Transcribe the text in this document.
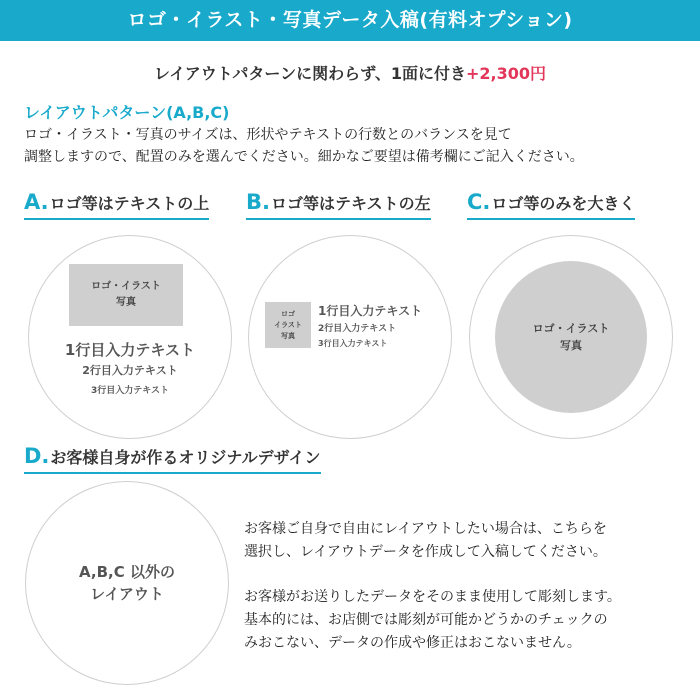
ロゴ・イラスト・写真データ入稿(有料オプション)
レイアウトパターンに関わらず、1面に付き+2,300円
レイアウトパターン(A,B,C)

ロゴ・イラスト・写真のサイズは、形状やテキストの行数とのバランスを見て

調整しますので、配置のみを選んでください。細かなご要望は備考欄にご記入ください。

A.ロゴ等はテキストの上
ロゴ・イラスト
写真
1行目入力テキスト
2行目入力テキスト
3行目入力テキスト
B.ロゴ等はテキストの左
ロゴ
イラスト
写真
1行目入力テキスト
2行目入力テキスト
3行目入力テキスト
C.ロゴ等のみを大きく
ロゴ・イラスト
写真
D.お客様自身が作るオリジナルデザイン
A,B,C 以外の
レイアウト

お客様ご自身で自由にレイアウトしたい場合は、こちらを

選択し、レイアウトデータを作成して入稿してください。

お客様がお送りしたデータをそのまま使用して彫刻します。

基本的には、お店側では彫刻が可能かどうかのチェックの

みおこない、データの作成や修正はおこないません。
